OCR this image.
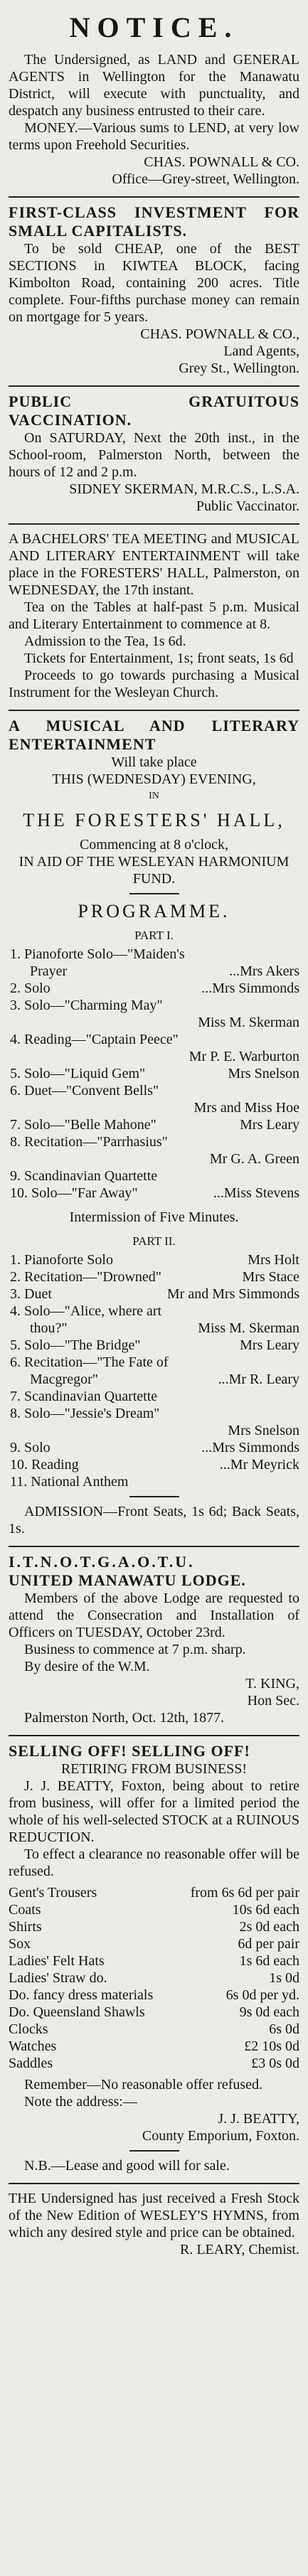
NOTICE.

The Undersigned, as LAND and GENERAL AGENTS in Wellington for the Manawatu District, will execute with punctuality, and despatch any business entrusted to their care.

MONEY.—Various sums to LEND, at very low terms upon Freehold Securities.

CHAS. POWNALL & CO.

Office—Grey-street, Wellington.

FIRST-CLASS INVESTMENT FOR SMALL CAPITALISTS.

To be sold CHEAP, one of the BEST SECTIONS in KIWTEA BLOCK, facing Kimbolton Road, containing 200 acres. Title complete. Four-fifths purchase money can remain on mortgage for 5 years.

CHAS. POWNALL & CO.,

Land Agents,

Grey St., Wellington.

PUBLIC GRATUITOUS VACCINATION.

On SATURDAY, Next the 20th inst., in the School-room, Palmerston North, between the hours of 12 and 2 p.m.

SIDNEY SKERMAN, M.R.C.S., L.S.A.

Public Vaccinator.

A BACHELORS' TEA MEETING and MUSICAL AND LITERARY ENTERTAINMENT will take place in the FORESTERS' HALL, Palmerston, on WEDNESDAY, the 17th instant.

Tea on the Tables at half-past 5 p.m. Musical and Literary Entertainment to commence at 8.

Admission to the Tea, 1s 6d.

Tickets for Entertainment, 1s; front seats, 1s 6d

Proceeds to go towards purchasing a Musical Instrument for the Wesleyan Church.

A MUSICAL AND LITERARY ENTERTAINMENT

Will take place

THIS (WEDNESDAY) EVENING,

IN

THE FORESTERS' HALL,

Commencing at 8 o'clock,

IN AID OF THE WESLEYAN HARMONIUM FUND.

PROGRAMME.

PART I.

1. Pianoforte Solo—"Maiden's
Prayer	...Mrs Akers
2. Solo	...Mrs Simmonds
3. Solo—"Charming May"
Miss M. Skerman
4. Reading—"Captain Peece"
Mr P. E. Warburton
5. Solo—"Liquid Gem"	Mrs Snelson
6. Duet—"Convent Bells"
Mrs and Miss Hoe
7. Solo—"Belle Mahone"	Mrs Leary
8. Recitation—"Parrhasius"
Mr G. A. Green
9. Scandinavian Quartette
10. Solo—"Far Away"	...Miss Stevens

Intermission of Five Minutes.

PART II.

1. Pianoforte Solo	Mrs Holt
2. Recitation—"Drowned"	Mrs Stace
3. Duet	Mr and Mrs Simmonds
4. Solo—"Alice, where art
thou?"	Miss M. Skerman
5. Solo—"The Bridge"	Mrs Leary
6. Recitation—"The Fate of
Macgregor"	...Mr R. Leary
7. Scandinavian Quartette
8. Solo—"Jessie's Dream"
Mrs Snelson
9. Solo	...Mrs Simmonds
10. Reading	...Mr Meyrick
11. National Anthem

ADMISSION—Front Seats, 1s 6d; Back Seats, 1s.

I.T.N.O.T.G.A.O.T.U.

UNITED MANAWATU LODGE.

Members of the above Lodge are requested to attend the Consecration and Installation of Officers on TUESDAY, October 23rd.

Business to commence at 7 p.m. sharp.

By desire of the W.M.

T. KING,

Hon Sec.

Palmerston North, Oct. 12th, 1877.

SELLING OFF! SELLING OFF!

RETIRING FROM BUSINESS!

J. J. BEATTY, Foxton, being about to retire from business, will offer for a limited period the whole of his well-selected STOCK at a RUINOUS REDUCTION.

To effect a clearance no reasonable offer will be refused.

Gent's Trousers	from 6s 6d per pair
Coats	10s 6d each
Shirts	2s 0d each
Sox	6d per pair
Ladies' Felt Hats	1s 6d each
Ladies' Straw do.	1s 0d
Do. fancy dress materials	6s 0d per yd.
Do. Queensland Shawls	9s 0d each
Clocks	6s 0d
Watches	£2 10s 0d
Saddles	£3 0s 0d

Remember—No reasonable offer refused.

Note the address:—

J. J. BEATTY,

County Emporium, Foxton.

N.B.—Lease and good will for sale.

THE Undersigned has just received a Fresh Stock of the New Edition of WESLEY'S HYMNS, from which any desired style and price can be obtained.

R. LEARY, Chemist.
